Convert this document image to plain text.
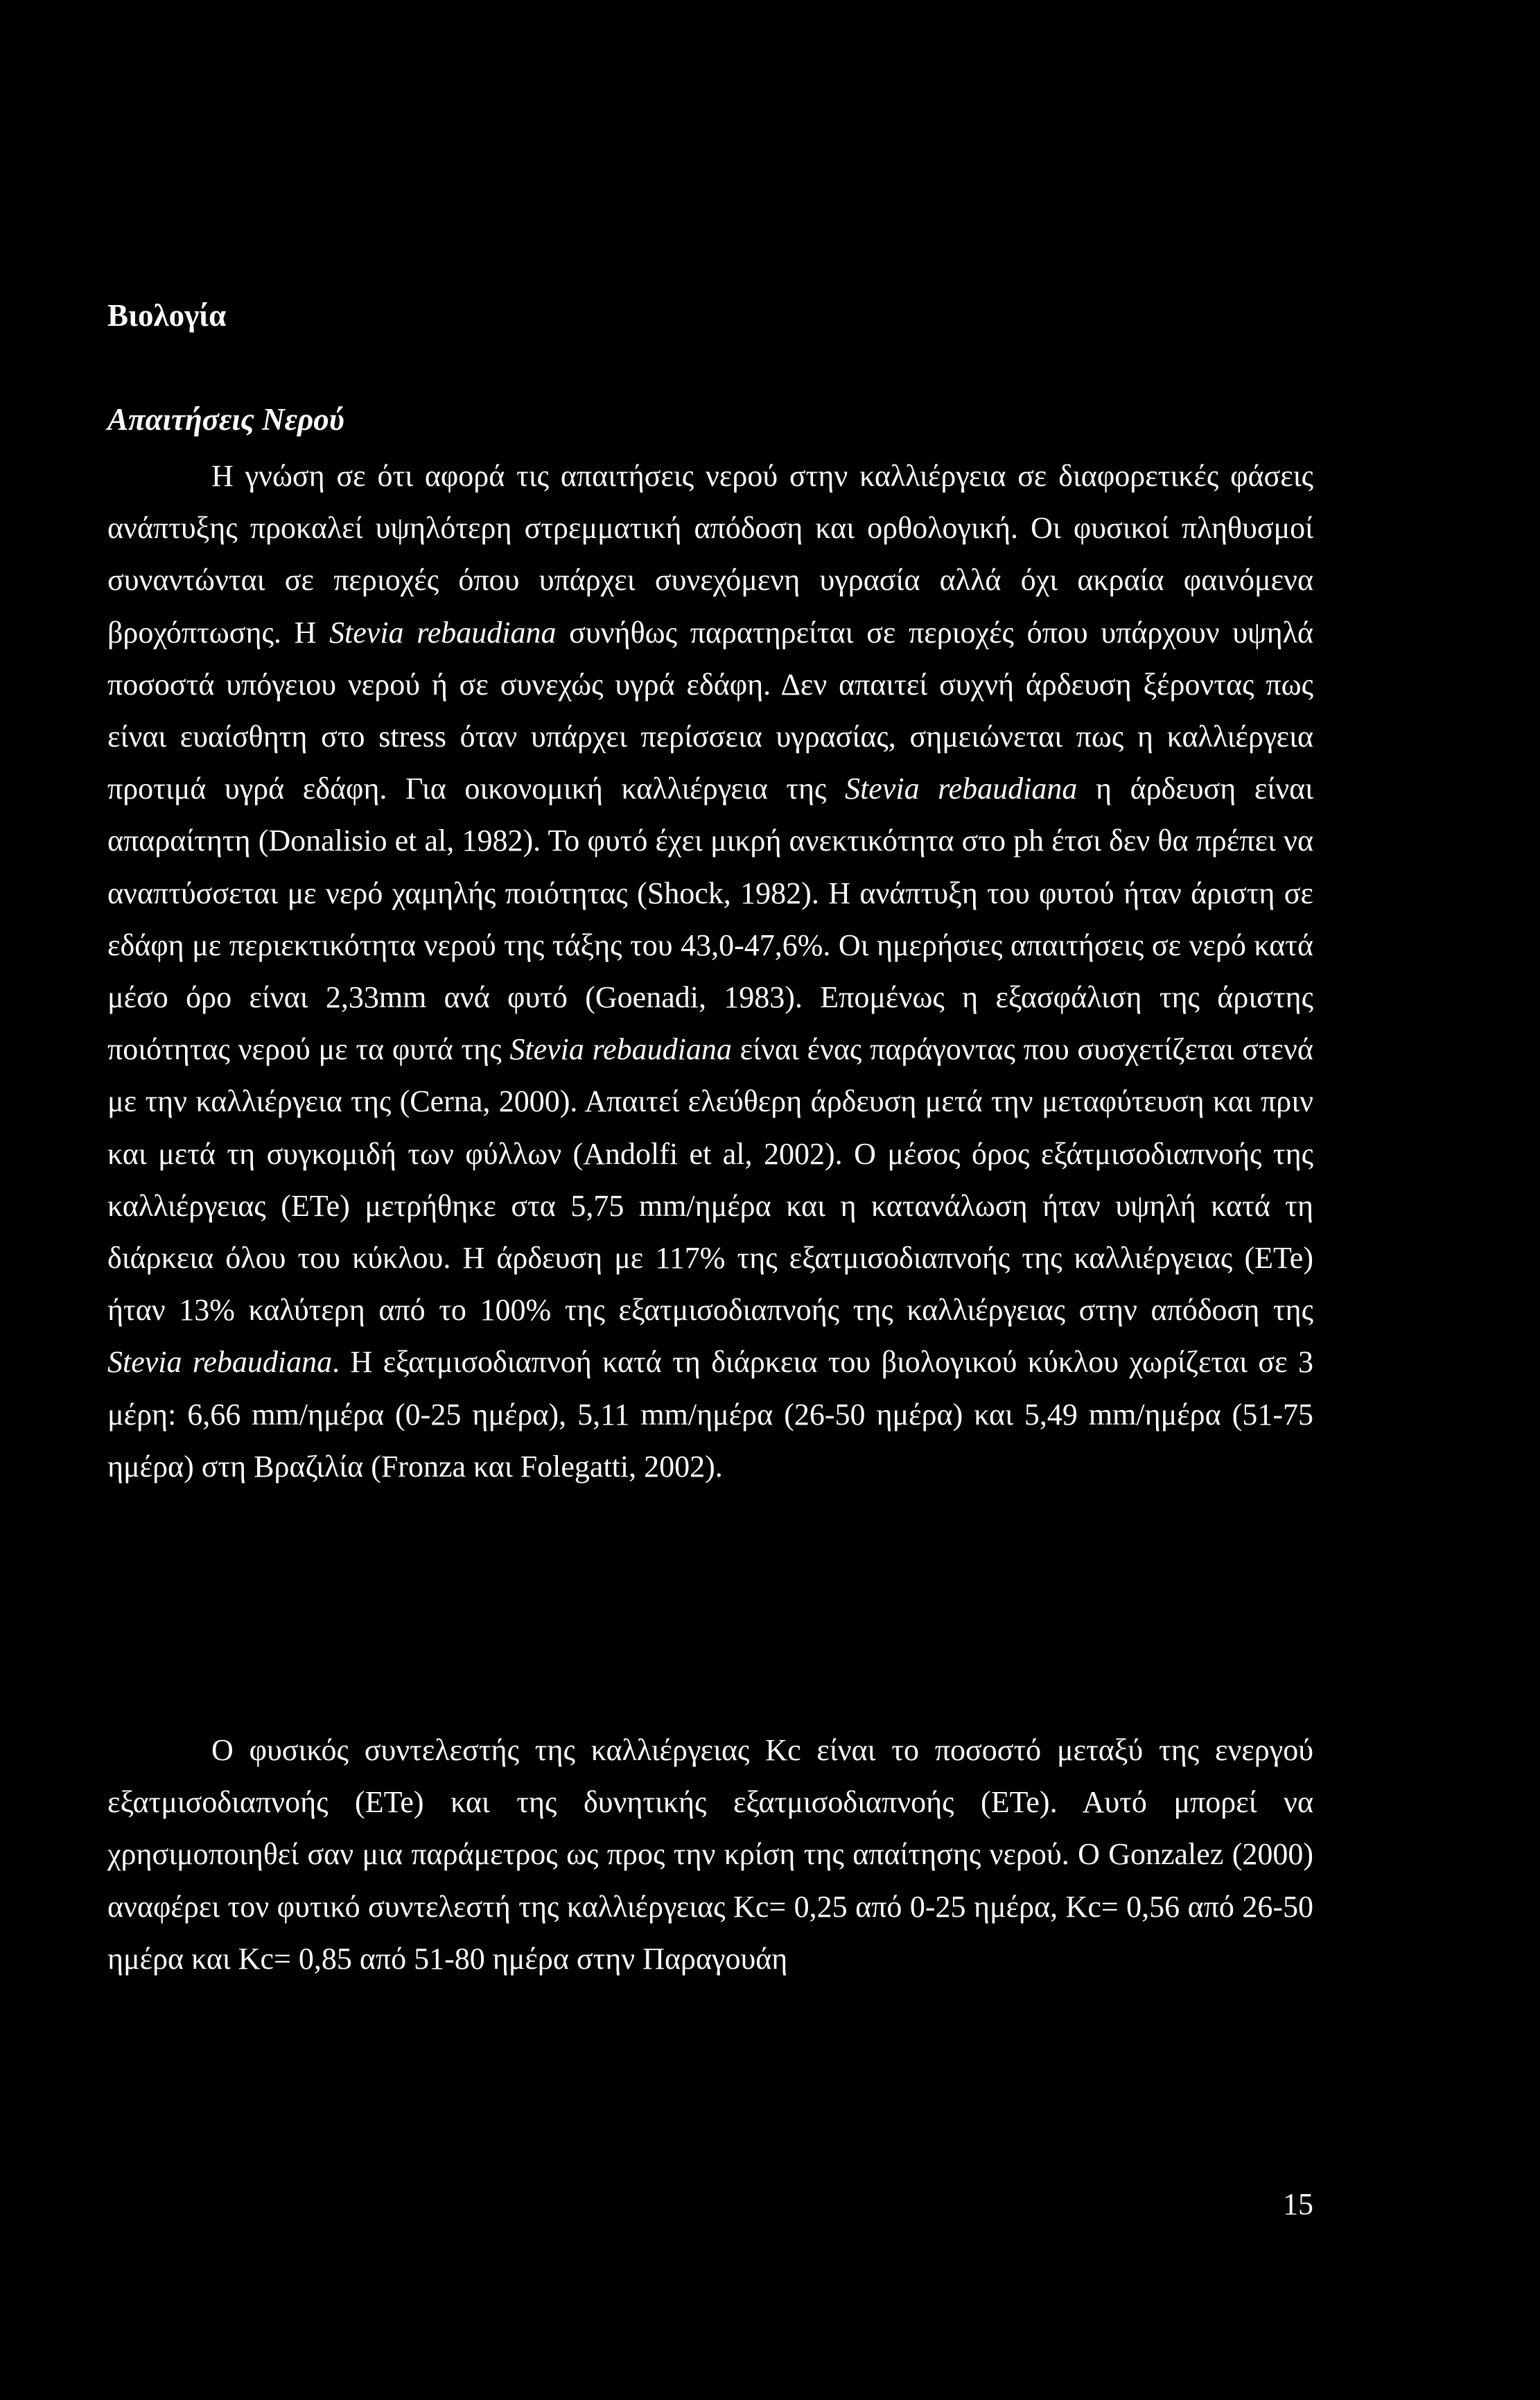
Βιολογία
Απαιτήσεις Νερού

Η γνώση σε ότι αφορά τις απαιτήσεις νερού στην καλλιέργεια σε διαφορετικές φάσεις ανάπτυξης προκαλεί υψηλότερη στρεμματική απόδοση και ορθολογική. Οι φυσικοί πληθυσμοί συναντώνται σε περιοχές όπου υπάρχει συνεχόμενη υγρασία αλλά όχι ακραία φαινόμενα βροχόπτωσης. Η Stevia rebaudiana συνήθως παρατηρείται σε περιοχές όπου υπάρχουν υψηλά ποσοστά υπόγειου νερού ή σε συνεχώς υγρά εδάφη. Δεν απαιτεί συχνή άρδευση ξέροντας πως είναι ευαίσθητη στο stress όταν υπάρχει περίσσεια υγρασίας, σημειώνεται πως η καλλιέργεια προτιμά υγρά εδάφη. Για οικονομική καλλιέργεια της Stevia rebaudiana η άρδευση είναι απαραίτητη (Donalisio et al, 1982). Το φυτό έχει μικρή ανεκτικότητα στο ph έτσι δεν θα πρέπει να αναπτύσσεται με νερό χαμηλής ποιότητας (Shock, 1982). Η ανάπτυξη του φυτού ήταν άριστη σε εδάφη με περιεκτικότητα νερού της τάξης του 43,0-47,6%. Οι ημερήσιες απαιτήσεις σε νερό κατά μέσο όρο είναι 2,33mm ανά φυτό (Goenadi, 1983). Επομένως η εξασφάλιση της άριστης ποιότητας νερού με τα φυτά της Stevia rebaudiana είναι ένας παράγοντας που συσχετίζεται στενά με την καλλιέργεια της (Cerna, 2000). Απαιτεί ελεύθερη άρδευση μετά την μεταφύτευση και πριν και μετά τη συγκομιδή των φύλλων (Andolfi et al, 2002). Ο μέσος όρος εξάτμισοδιαπνοής της καλλιέργειας (ETe) μετρήθηκε στα 5,75 mm/ημέρα και η κατανάλωση ήταν υψηλή κατά τη διάρκεια όλου του κύκλου. Η άρδευση με 117% της εξατμισοδιαπνοής της καλλιέργειας (ETe) ήταν 13% καλύτερη από το 100% της εξατμισοδιαπνοής της καλλιέργειας στην απόδοση της Stevia rebaudiana. Η εξατμισοδιαπνοή κατά τη διάρκεια του βιολογικού κύκλου χωρίζεται σε 3 μέρη: 6,66 mm/ημέρα (0-25 ημέρα), 5,11 mm/ημέρα (26-50 ημέρα) και 5,49 mm/ημέρα (51-75 ημέρα) στη Βραζιλία (Fronza και Folegatti, 2002).

Ο φυσικός συντελεστής της καλλιέργειας Kc είναι το ποσοστό μεταξύ της ενεργού εξατμισοδιαπνοής (ETe) και της δυνητικής εξατμισοδιαπνοής (ETe). Αυτό μπορεί να χρησιμοποιηθεί σαν μια παράμετρος ως προς την κρίση της απαίτησης νερού. Ο Gonzalez (2000) αναφέρει τον φυτικό συντελεστή της καλλιέργειας Kc= 0,25 από 0-25 ημέρα, Kc= 0,56 από 26-50 ημέρα και Kc= 0,85 από 51-80 ημέρα στην Παραγουάη

15
